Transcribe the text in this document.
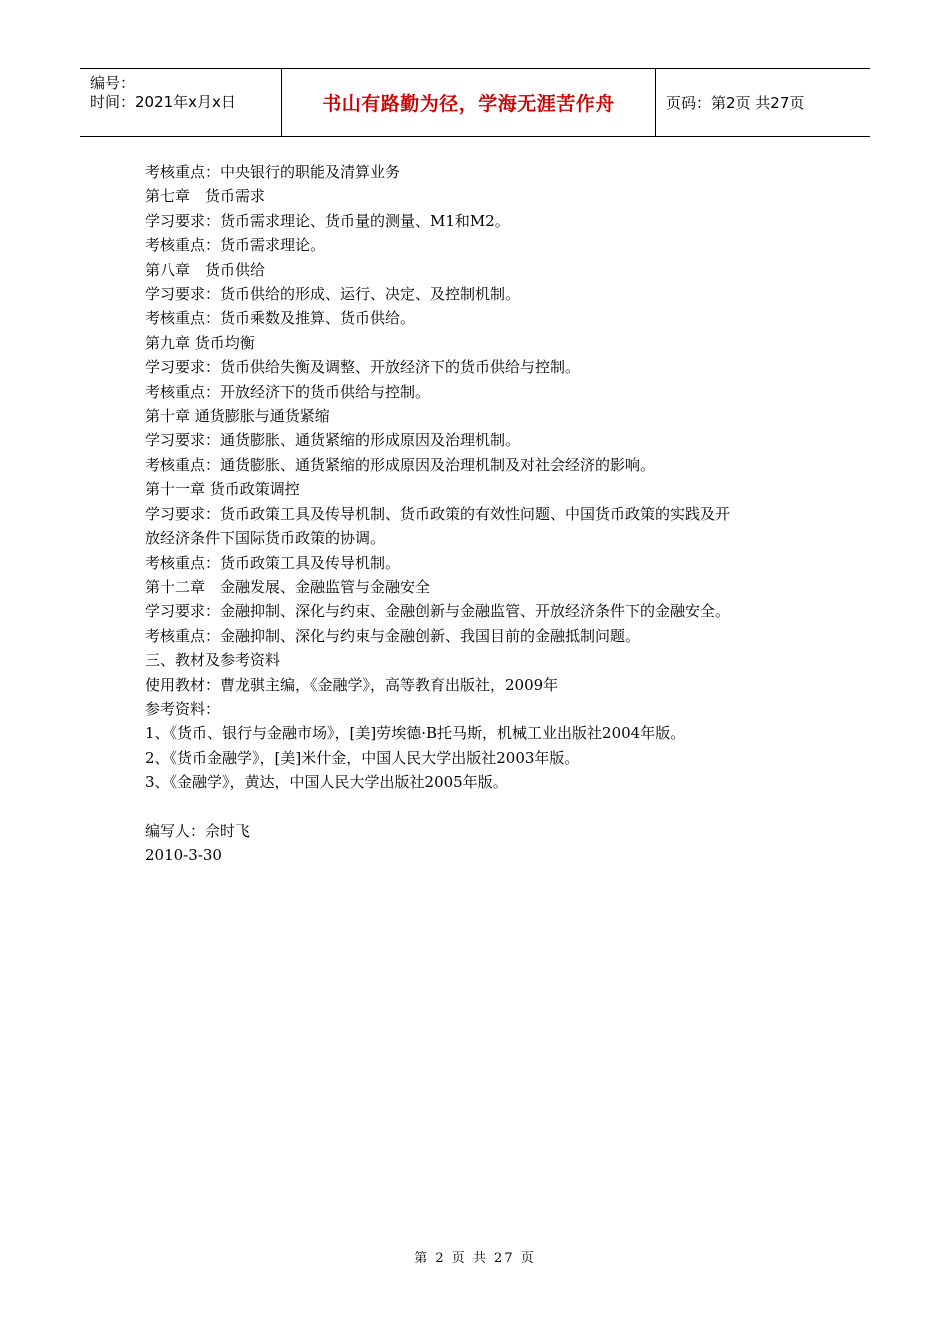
编号：
时间：2021年x月x日	书山有路勤为径，学海无涯苦作舟	页码：第2页 共27页
考核重点：中央银行的职能及清算业务
第七章　货币需求
学习要求：货币需求理论、货币量的测量、M1和M2。
考核重点：货币需求理论。
第八章　货币供给
学习要求：货币供给的形成、运行、决定、及控制机制。
考核重点：货币乘数及推算、货币供给。
第九章 货币均衡
学习要求：货币供给失衡及调整、开放经济下的货币供给与控制。
考核重点：开放经济下的货币供给与控制。
第十章 通货膨胀与通货紧缩
学习要求：通货膨胀、通货紧缩的形成原因及治理机制。
考核重点：通货膨胀、通货紧缩的形成原因及治理机制及对社会经济的影响。
第十一章 货币政策调控
学习要求：货币政策工具及传导机制、货币政策的有效性问题、中国货币政策的实践及开
放经济条件下国际货币政策的协调。
考核重点：货币政策工具及传导机制。
第十二章　金融发展、金融监管与金融安全
学习要求：金融抑制、深化与约束、金融创新与金融监管、开放经济条件下的金融安全。
考核重点：金融抑制、深化与约束与金融创新、我国目前的金融抵制问题。
三、教材及参考资料
使用教材：曹龙骐主编，《金融学》，高等教育出版社，2009年
参考资料：
1、《货币、银行与金融市场》，[美]劳埃德·B托马斯，机械工业出版社2004年版。
2、《货币金融学》，[美]米什金，中国人民大学出版社2003年版。
3、《金融学》，黄达，中国人民大学出版社2005年版。
编写人：佘时飞
2010-3-30
第 2 页 共 27 页
